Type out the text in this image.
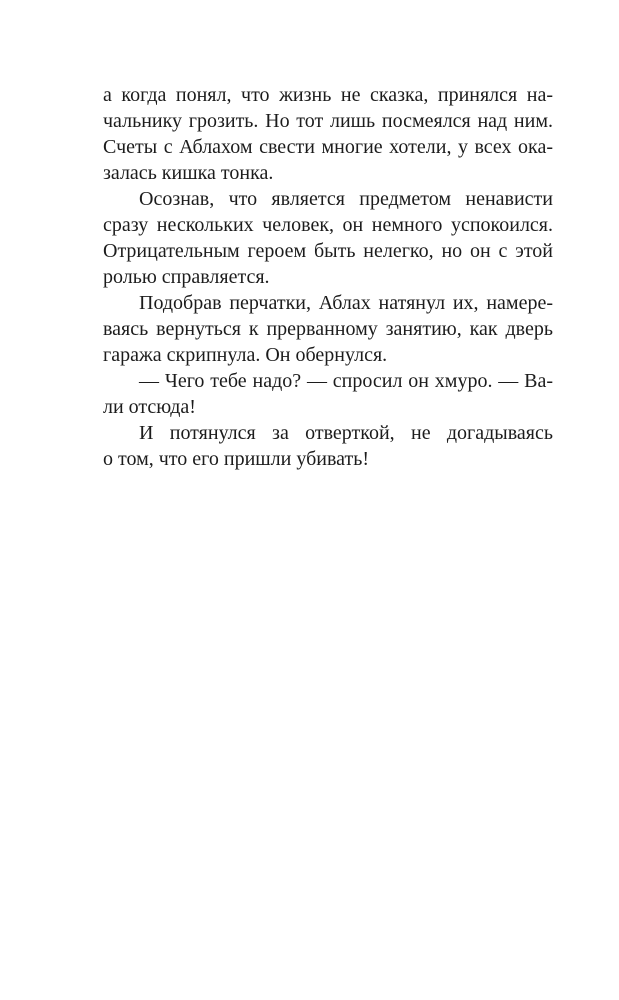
а когда понял, что жизнь не сказка, принялся на-
чальнику грозить. Но тот лишь посмеялся над ним.
Счеты с Аблахом свести многие хотели, у всех ока-
залась кишка тонка.
Осознав, что является предметом ненависти
сразу нескольких человек, он немного успокоился.
Отрицательным героем быть нелегко, но он с этой
ролью справляется.
Подобрав перчатки, Аблах натянул их, намере-
ваясь вернуться к прерванному занятию, как дверь
гаража скрипнула. Он обернулся.
— Чего тебе надо? — спросил он хмуро. — Ва-
ли отсюда!
И потянулся за отверткой, не догадываясь
о том, что его пришли убивать!
